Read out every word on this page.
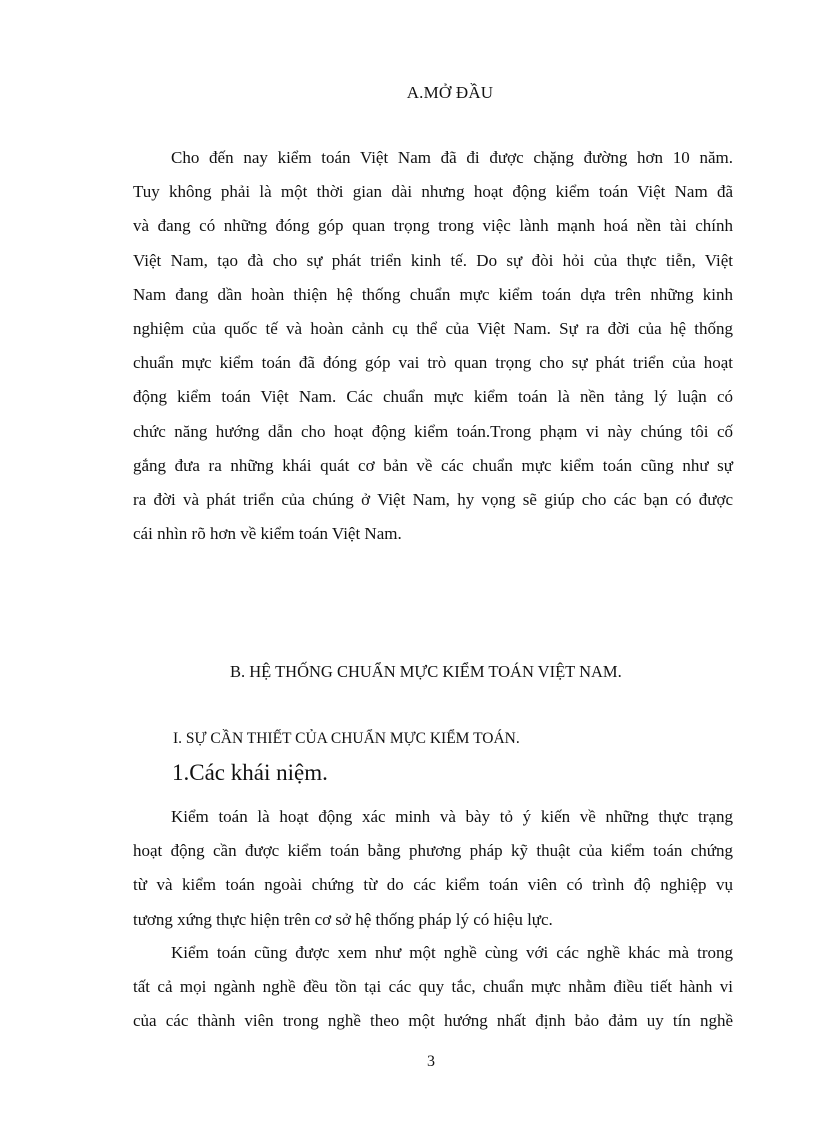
A.MỞ ĐẦU
Cho đến nay kiểm toán Việt Nam đã đi được chặng đường hơn 10 năm.
Tuy không phải là một thời gian dài nhưng hoạt động kiểm toán Việt Nam đã
và đang có những đóng góp quan trọng trong việc lành mạnh hoá nền tài chính
Việt Nam, tạo đà cho sự phát triển kinh tế. Do sự đòi hỏi của thực tiễn, Việt
Nam đang dần hoàn thiện hệ thống chuẩn mực kiểm toán dựa trên những kinh
nghiệm của quốc tế và hoàn cảnh cụ thể của Việt Nam. Sự ra đời của hệ thống
chuẩn mực kiểm toán đã đóng góp vai trò quan trọng cho sự phát triển của hoạt
động kiểm toán Việt Nam. Các chuẩn mực kiểm toán là nền tảng lý luận có
chức năng hướng dẫn cho hoạt động kiểm toán.Trong phạm vi này chúng tôi cố
gắng đưa ra những khái quát cơ bản về các chuẩn mực kiểm toán cũng như sự
ra đời và phát triển của chúng ở Việt Nam, hy vọng sẽ giúp cho các bạn có được
cái nhìn rõ hơn về kiểm toán Việt Nam.
B. HỆ THỐNG CHUẨN MỰC KIỂM TOÁN VIỆT NAM.
I. SỰ CẦN THIẾT CỦA CHUẨN MỰC KIỂM TOÁN.
1.Các khái niệm.
Kiểm toán là hoạt động xác minh và bày tỏ ý kiến về những thực trạng
hoạt động cần được kiểm toán bằng phương pháp kỹ thuật của kiểm toán chứng
từ và kiểm toán ngoài chứng từ do các kiểm toán viên có trình độ nghiệp vụ
tương xứng thực hiện trên cơ sở hệ thống pháp lý có hiệu lực.
Kiểm toán cũng được xem như một nghề cùng với các nghề khác mà trong
tất cả mọi ngành nghề đều tồn tại các quy tắc, chuẩn mực nhằm điều tiết hành vi
của các thành viên trong nghề theo một hướng nhất định bảo đảm uy tín nghề
3
